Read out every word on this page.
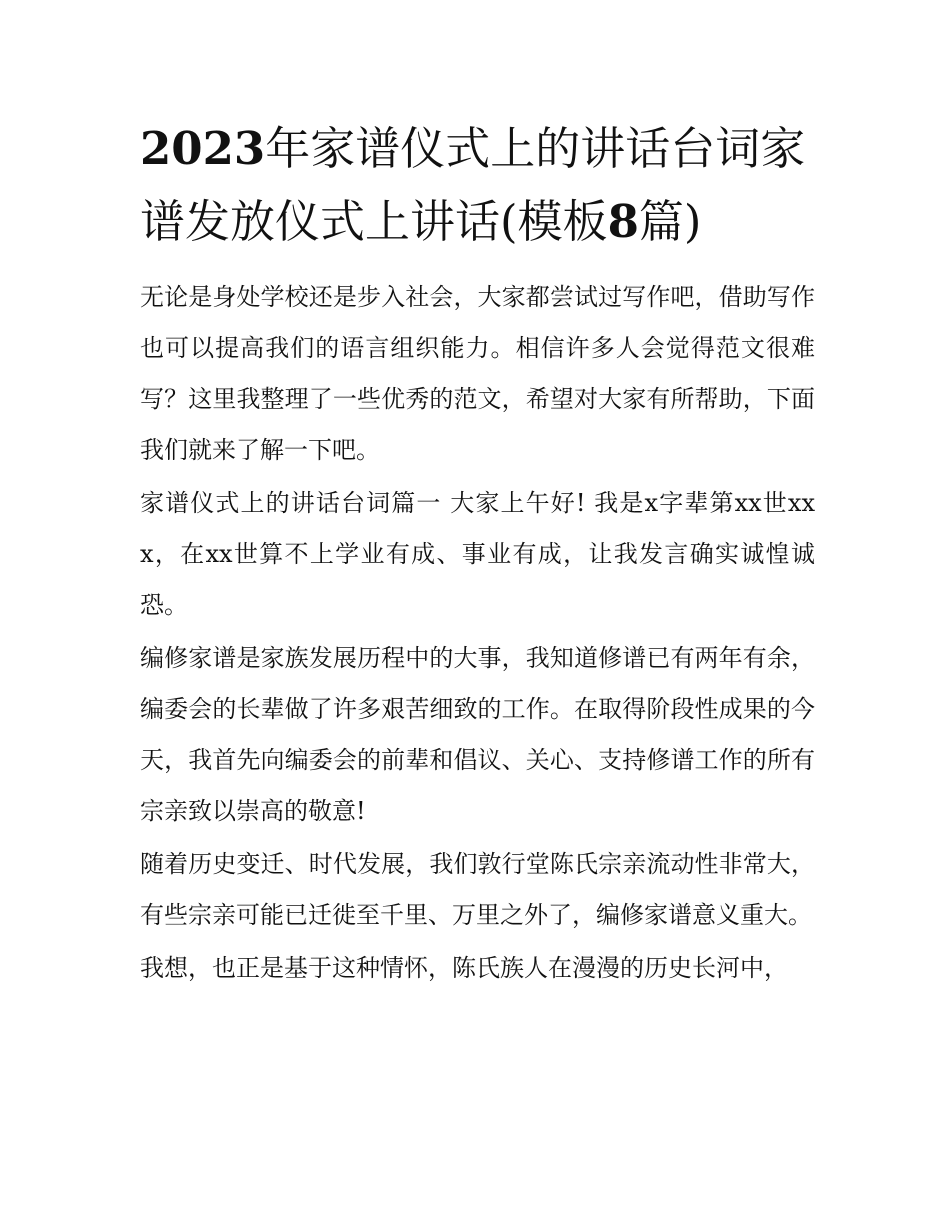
2023年家谱仪式上的讲话台词家谱发放仪式上讲话(模板8篇)

无论是身处学校还是步入社会，大家都尝试过写作吧，借助写作也可以提高我们的语言组织能力。相信许多人会觉得范文很难写？这里我整理了一些优秀的范文，希望对大家有所帮助，下面我们就来了解一下吧。

家谱仪式上的讲话台词篇一 大家上午好! 我是x字辈第xx世xxx，在xx世算不上学业有成、事业有成，让我发言确实诚惶诚恐。

编修家谱是家族发展历程中的大事，我知道修谱已有两年有余，编委会的长辈做了许多艰苦细致的工作。在取得阶段性成果的今天，我首先向编委会的前辈和倡议、关心、支持修谱工作的所有宗亲致以崇高的敬意!

随着历史变迁、时代发展，我们敦行堂陈氏宗亲流动性非常大，有些宗亲可能已迁徙至千里、万里之外了，编修家谱意义重大。

我想，也正是基于这种情怀，陈氏族人在漫漫的历史长河中，
